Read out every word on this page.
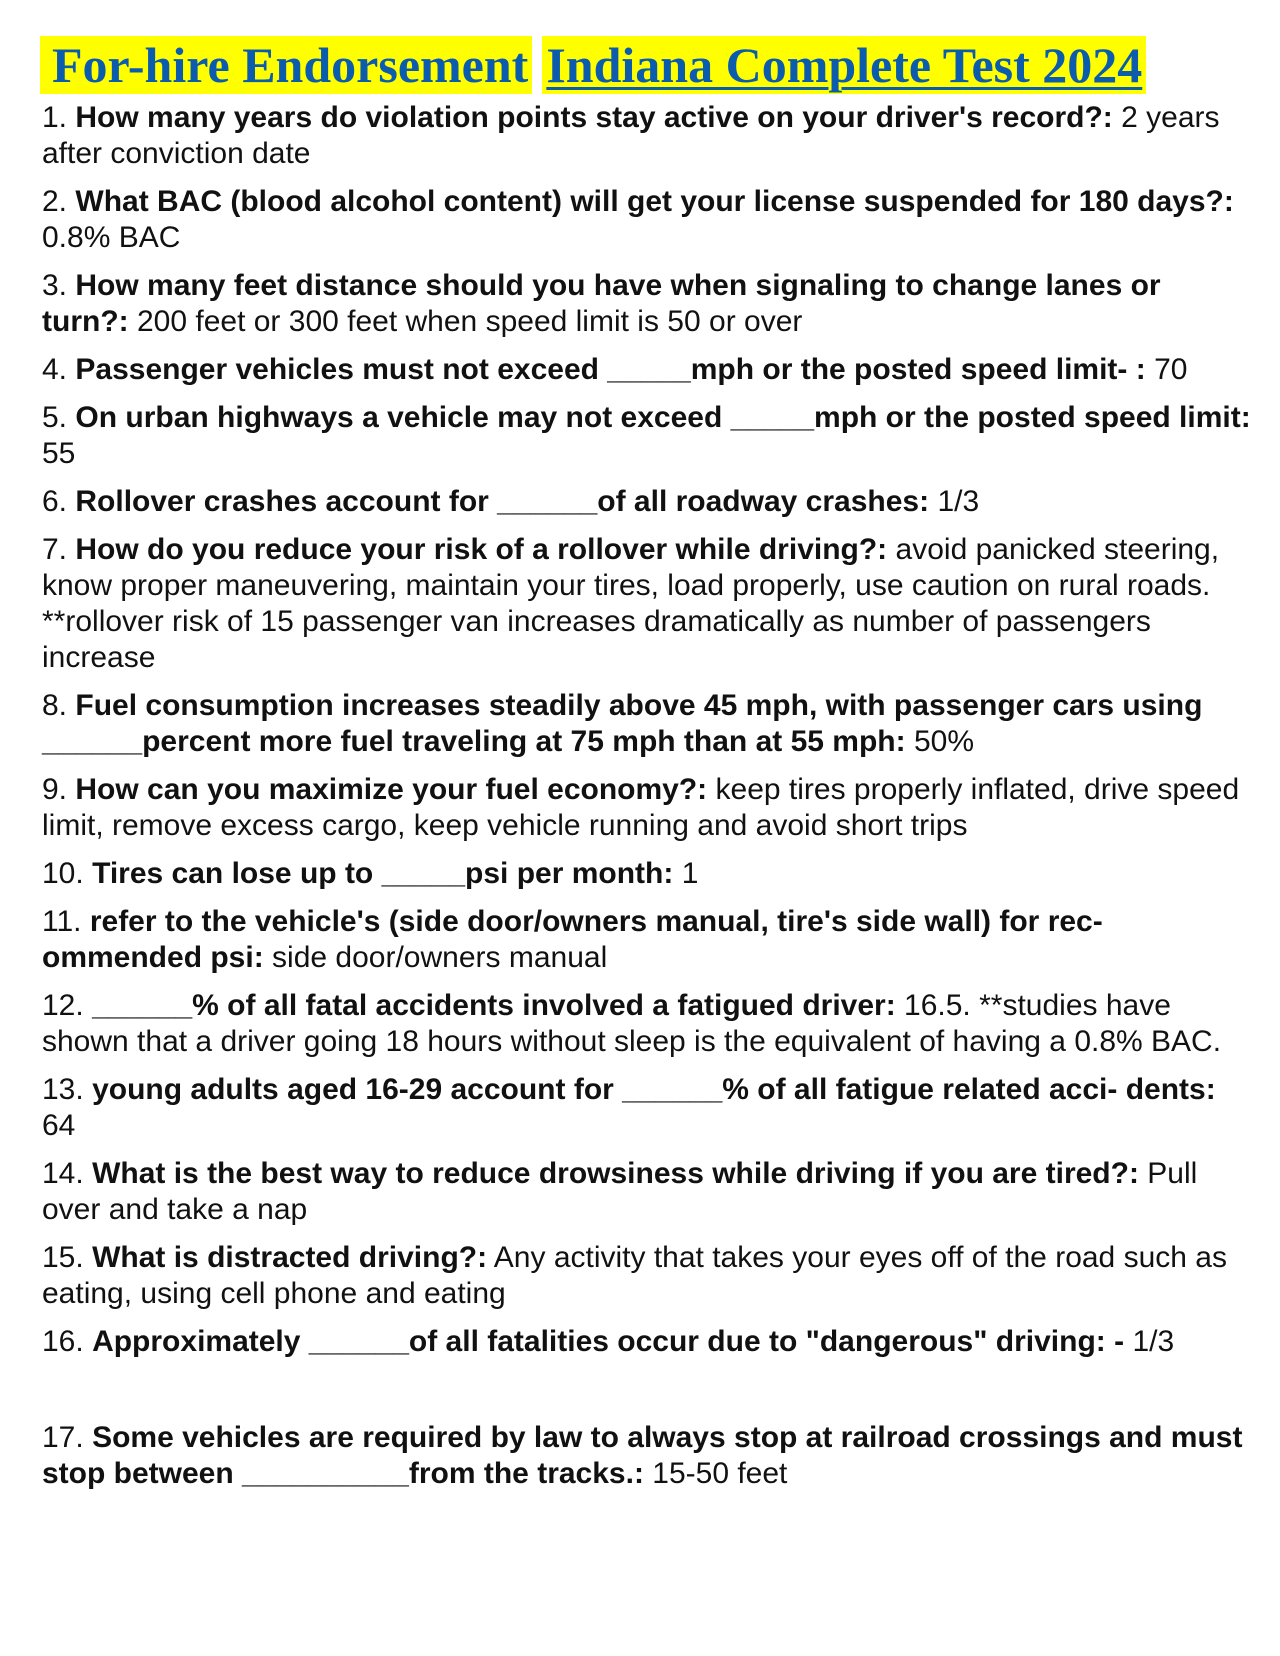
For-hire Endorsement Indiana Complete Test 2024
1. How many years do violation points stay active on your driver's record?: 2 years after conviction date
2. What BAC (blood alcohol content) will get your license suspended for 180 days?: 0.8% BAC
3. How many feet distance should you have when signaling to change lanes or turn?: 200 feet or 300 feet when speed limit is 50 or over
4. Passenger vehicles must not exceed _____mph or the posted speed limit- : 70
5. On urban highways a vehicle may not exceed _____mph or the posted speed limit: 55
6. Rollover crashes account for ______of all roadway crashes: 1/3
7. How do you reduce your risk of a rollover while driving?: avoid panicked steering, know proper maneuvering, maintain your tires, load properly, use caution on rural roads. **rollover risk of 15 passenger van increases dramatically as number of passengers increase
8. Fuel consumption increases steadily above 45 mph, with passenger cars using ______percent more fuel traveling at 75 mph than at 55 mph: 50%
9. How can you maximize your fuel economy?: keep tires properly inflated, drive speed limit, remove excess cargo, keep vehicle running and avoid short trips
10. Tires can lose up to _____psi per month: 1
11. refer to the vehicle's (side door/owners manual, tire's side wall) for rec- ommended psi: side door/owners manual
12. ______% of all fatal accidents involved a fatigued driver: 16.5. **studies have shown that a driver going 18 hours without sleep is the equivalent of having a 0.8% BAC.
13. young adults aged 16-29 account for ______% of all fatigue related acci- dents: 64
14. What is the best way to reduce drowsiness while driving if you are tired?: Pull over and take a nap
15. What is distracted driving?: Any activity that takes your eyes off of the road such as eating, using cell phone and eating
16. Approximately ______of all fatalities occur due to "dangerous" driving: - 1/3
17. Some vehicles are required by law to always stop at railroad crossings and must stop between __________from the tracks.: 15-50 feet
